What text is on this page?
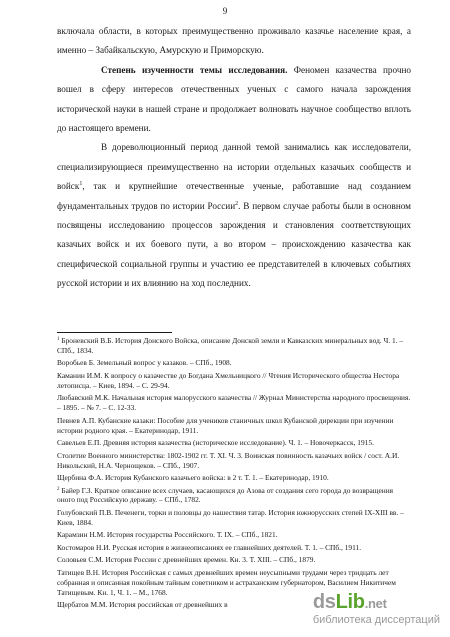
9

включала области, в которых преимущественно проживало казачье население края, а именно – Забайкальскую, Амурскую и Приморскую.

Степень изученности темы исследования. Феномен казачества прочно вошел в сферу интересов отечественных ученых с самого начала зарождения исторической науки в нашей стране и продолжает волновать научное сообщество вплоть до настоящего времени.

В дореволюционный период данной темой занимались как исследователи, специализирующиеся преимущественно на истории отдельных казачьих сообществ и войск$^1$, так и крупнейшие отечественные ученые, работавшие над созданием фундаментальных трудов по истории России$^2$. В первом случае работы были в основном посвящены исследованию процессов зарождения и становления соответствующих казачьих войск и их боевого пути, а во втором – происхождению казачества как специфической социальной группы и участию ее представителей в ключевых событиях русской истории и их влиянию на ход последних.

$^1$ Броневский В.Б. История Донского Войска, описание Донской земли и Кавказских минеральных вод. Ч. 1. – СПб., 1834.

Воробьев Б. Земельный вопрос у казаков. – СПб., 1908.

Каманин И.М. К вопросу о казачестве до Богдана Хмельницкого // Чтения Исторического общества Нестора летописца. – Киев, 1894. – С. 29-94.

Любавский М.К. Начальная история малорусского казачества // Журнал Министерства народного просвещения. – 1895. – № 7. – С. 12-33.

Певнев А.П. Кубанские казаки: Пособие для учеников станичных школ Кубанской дирекции при изучении истории родного края. – Екатеринодар, 1911.

Савельев Е.П. Древняя история казачества (историческое исследование). Ч. 1. – Новочеркасск, 1915.

Столетие Военного министерства: 1802-1902 гг. Т. XI. Ч. 3. Воинская повинность казачьих войск / сост. А.И. Никольский, Н.А. Чернощеков. – СПб., 1907.

Щербина Ф.А. История Кубанского казачьего войска: в 2 т. Т. 1. – Екатеринодар, 1910.

$^2$ Байер Г.З. Краткое описание всех случаев, касающихся до Азова от создания сего города до возвращения оного под Российскую державу. – СПб., 1782.

Голубовский П.В. Печенеги, торки и половцы до нашествия татар. История южнорусских степей IX-XIII вв. – Киев, 1884.

Карамзин Н.М. История государства Российского. Т. IX. – СПб., 1821.

Костомаров Н.И. Русская история в жизнеописаниях ее главнейших деятелей. Т. 1. – СПб., 1911.

Соловьев С.М. История России с древнейших времен. Кн. 3. Т. XIII. – СПб., 1879.

Татищев В.Н. История Российская с самых древнейших времен неусыпными трудами через тридцать лет собранная и описанная покойным тайным советником и астраханским губернатором, Василием Никитичем Татищевым. Кн. 1, Ч. 1. – М., 1768.

Щербатов М.М. История российская от древнейших в	dsLib.net
библиотека диссертаций
